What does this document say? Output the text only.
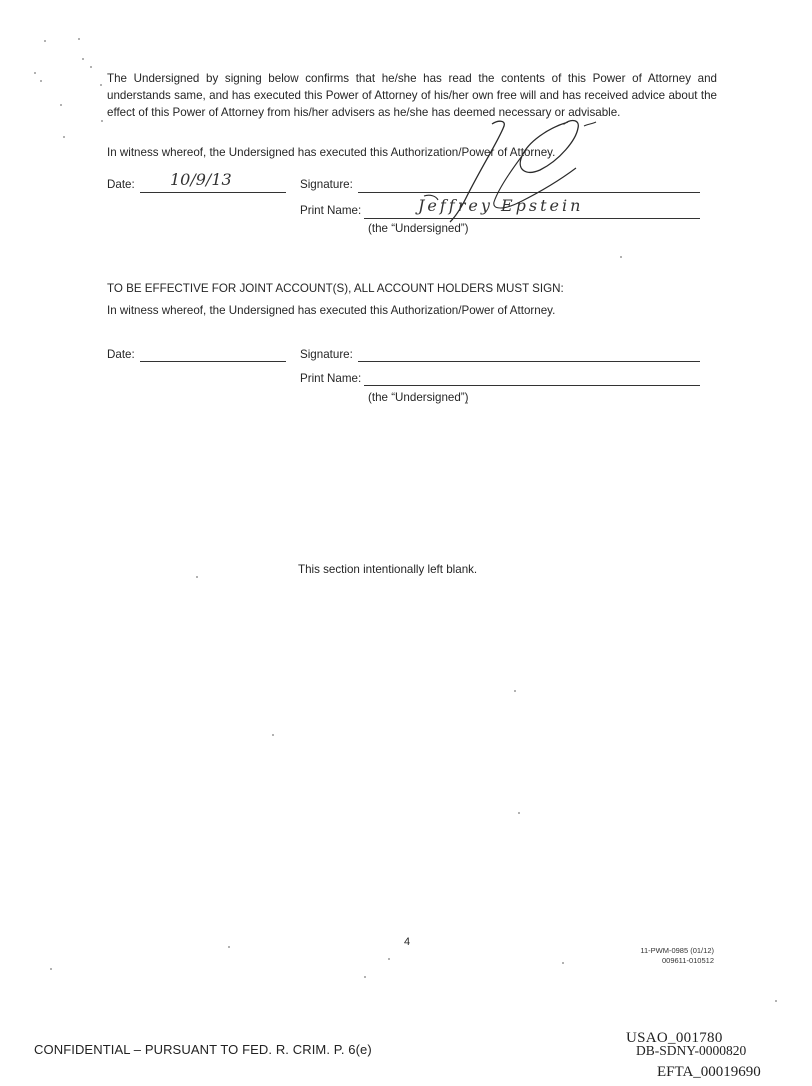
The Undersigned by signing below confirms that he/she has read the contents of this Power of Attorney and understands same, and has executed this Power of Attorney of his/her own free will and has received advice about the effect of this Power of Attorney from his/her advisers as he/she has deemed necessary or advisable.
In witness whereof, the Undersigned has executed this Authorization/Power of Attorney.
Date: 10/9/13	Signature:
Print Name:	Jeffrey Epstein
(the “Undersigned”)
TO BE EFFECTIVE FOR JOINT ACCOUNT(S), ALL ACCOUNT HOLDERS MUST SIGN:
In witness whereof, the Undersigned has executed this Authorization/Power of Attorney.
Date:	Signature:
Print Name:
(the “Undersigned”)
This section intentionally left blank.
4
11-PWM-0985 (01/12)
009611-010512
CONFIDENTIAL – PURSUANT TO FED. R. CRIM. P. 6(e)
USAO_001780
DB-SDNY-0000820
EFTA_00019690
